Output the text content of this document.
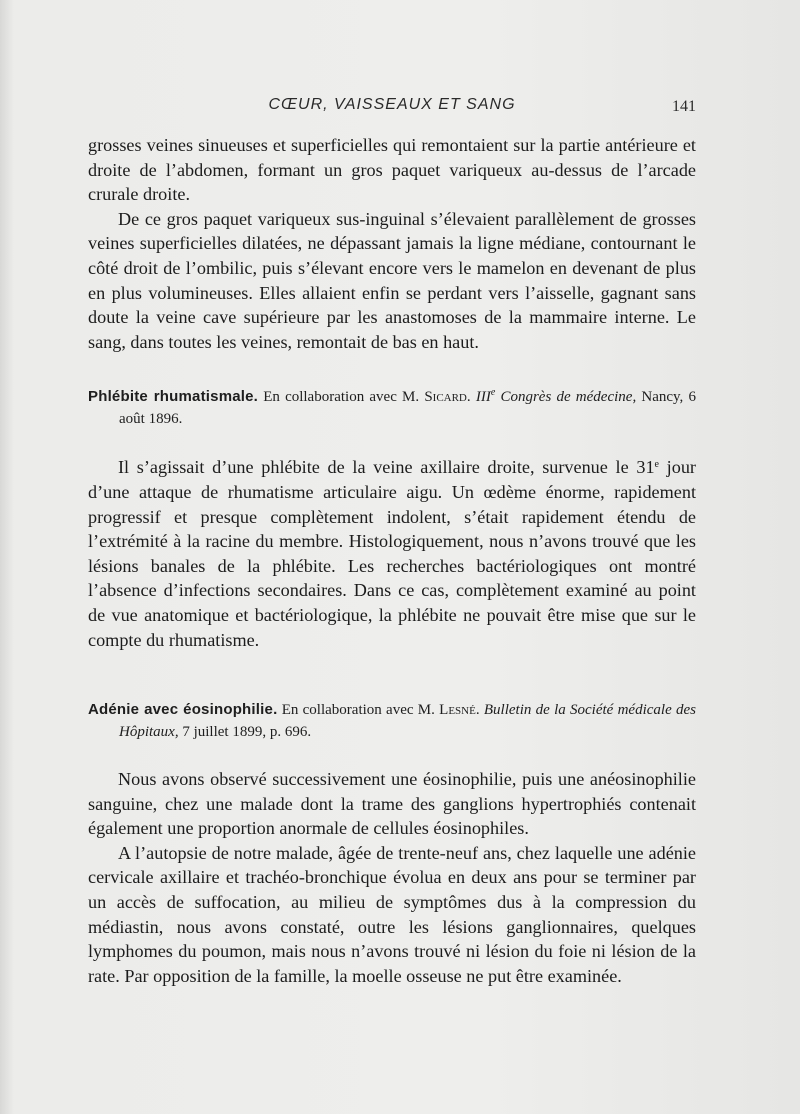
CŒUR, VAISSEAUX ET SANG	141

grosses veines sinueuses et superficielles qui remontaient sur la partie antérieure et droite de l’abdomen, formant un gros paquet variqueux au-dessus de l’arcade crurale droite.

De ce gros paquet variqueux sus-inguinal s’élevaient parallèlement de grosses veines superficielles dilatées, ne dépassant jamais la ligne médiane, contournant le côté droit de l’ombilic, puis s’élevant encore vers le mamelon en devenant de plus en plus volumineuses. Elles allaient enfin se perdant vers l’aisselle, gagnant sans doute la veine cave supérieure par les anastomoses de la mammaire interne. Le sang, dans toutes les veines, remontait de bas en haut.

Phlébite rhumatismale. En collaboration avec M. Sicard. IIIe Congrès de médecine, Nancy, 6 août 1896.

Il s’agissait d’une phlébite de la veine axillaire droite, survenue le 31e jour d’une attaque de rhumatisme articulaire aigu. Un œdème énorme, rapidement progressif et presque complètement indolent, s’était rapidement étendu de l’extrémité à la racine du membre. Histologiquement, nous n’avons trouvé que les lésions banales de la phlébite. Les recherches bactériologiques ont montré l’absence d’infections secondaires. Dans ce cas, complètement examiné au point de vue anatomique et bactériologique, la phlébite ne pouvait être mise que sur le compte du rhumatisme.

Adénie avec éosinophilie. En collaboration avec M. Lesné. Bulletin de la Société médicale des Hôpitaux, 7 juillet 1899, p. 696.

Nous avons observé successivement une éosinophilie, puis une anéosinophilie sanguine, chez une malade dont la trame des ganglions hypertrophiés contenait également une proportion anormale de cellules éosinophiles.

A l’autopsie de notre malade, âgée de trente-neuf ans, chez laquelle une adénie cervicale axillaire et trachéo-bronchique évolua en deux ans pour se terminer par un accès de suffocation, au milieu de symptômes dus à la compression du médiastin, nous avons constaté, outre les lésions ganglionnaires, quelques lymphomes du poumon, mais nous n’avons trouvé ni lésion du foie ni lésion de la rate. Par opposition de la famille, la moelle osseuse ne put être examinée.
